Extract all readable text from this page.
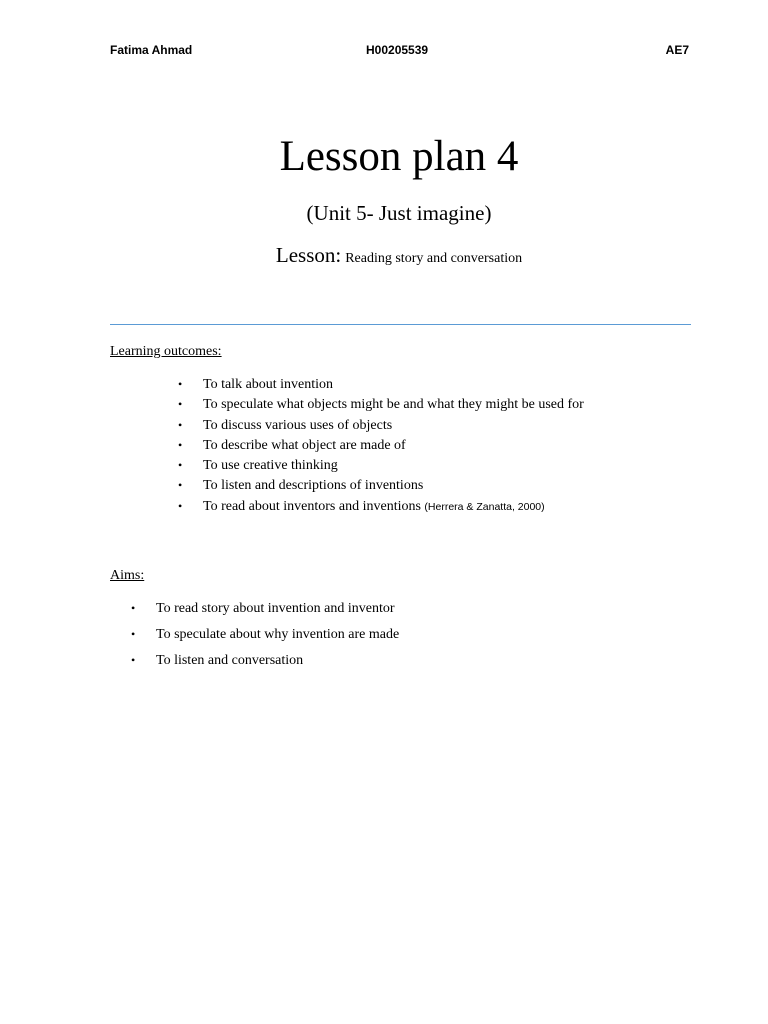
Fatima Ahmad	H00205539	AE7
Lesson plan 4
(Unit 5- Just imagine)
Lesson: Reading story and conversation
Learning outcomes:
• To talk about invention
• To speculate what objects might be and what they might be used for
• To discuss various uses of objects
• To describe what object are made of
• To use creative thinking
• To listen and descriptions of inventions
• To read about inventors and inventions (Herrera & Zanatta, 2000)
Aims:
• To read story about invention and inventor
• To speculate about why invention are made
• To listen and conversation
